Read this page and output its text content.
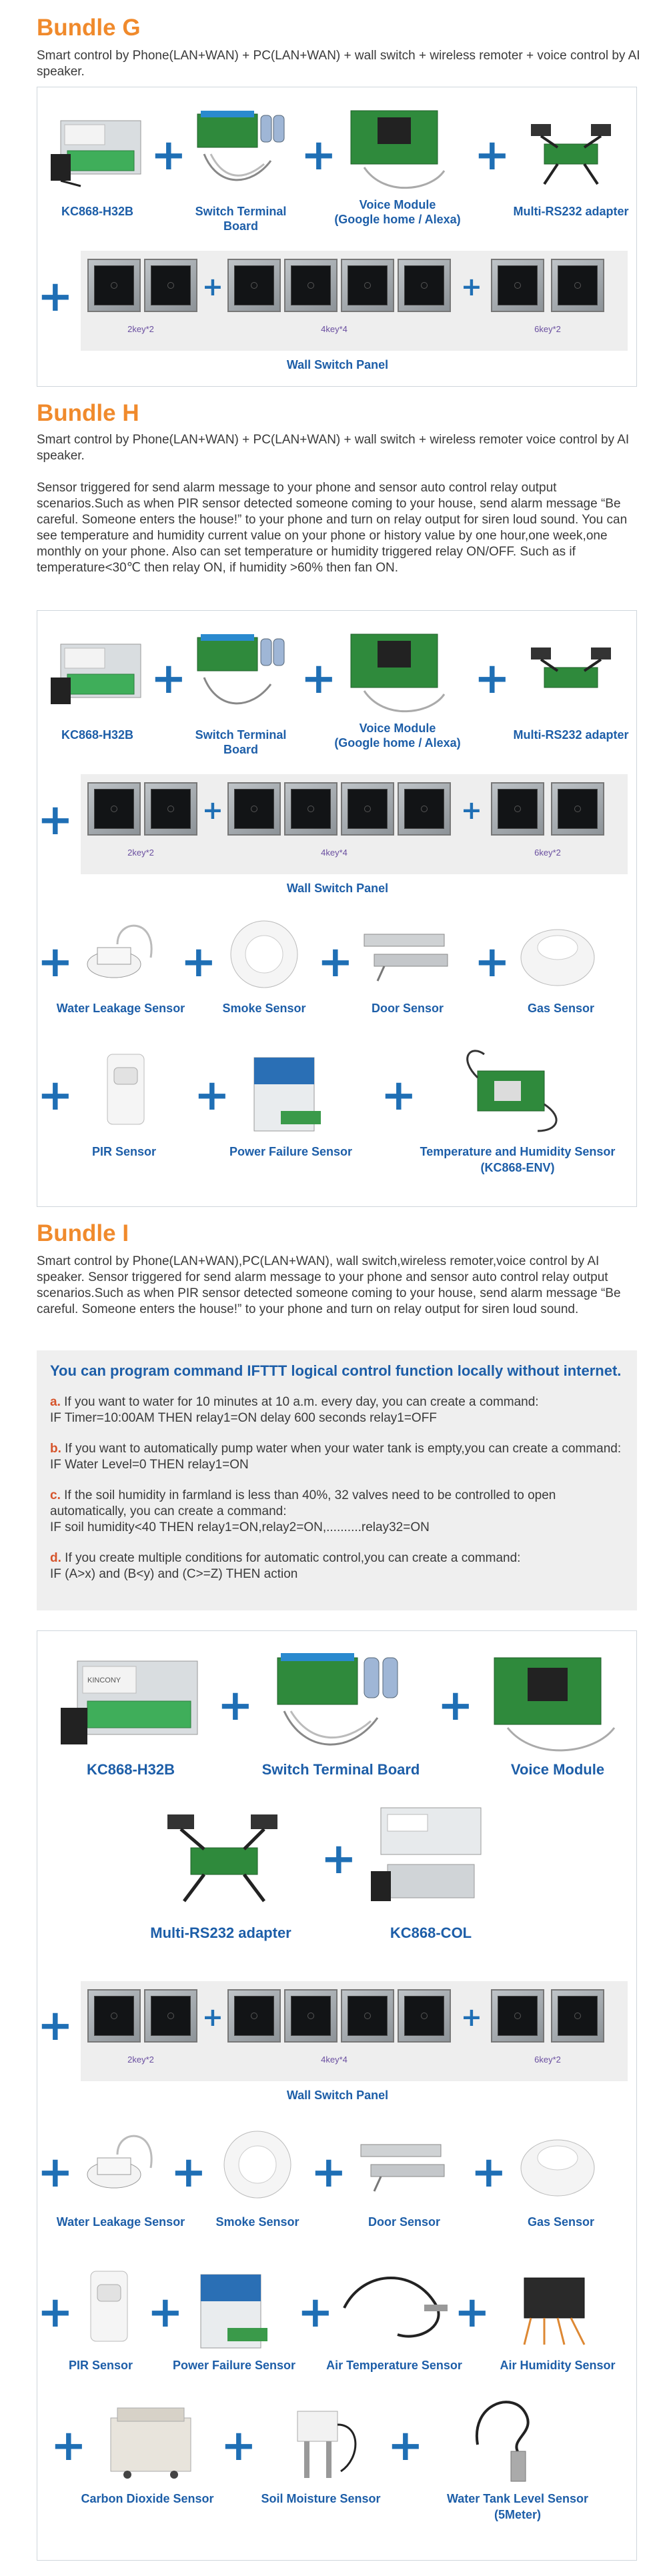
Bundle G
Smart control by Phone(LAN+WAN) + PC(LAN+WAN) + wall switch + wireless remoter + voice control by AI speaker.
KC868-H32B
+
Switch Terminal Board
+
Voice Module
(Google home / Alexa)
+
Multi-RS232 adapter
+
2key*2
+
4key*4
+
6key*2
Wall Switch Panel
Bundle H
Smart control by Phone(LAN+WAN) + PC(LAN+WAN) + wall switch + wireless remoter voice control by AI speaker.
Sensor triggered for send alarm message to your phone and sensor auto control relay output scenarios.Such as when PIR sensor detected someone coming to your house, send alarm message “Be careful. Someone enters the house!” to your phone and turn on relay output for siren loud sound. You can see temperature and humidity current value on your phone or history value by one hour,one week,one monthly on your phone. Also can set temperature or humidity triggered relay ON/OFF. Such as if temperature<30℃ then relay ON, if humidity >60% then fan ON.
KC868-H32B
+
Switch Terminal Board
+
Voice Module
(Google home / Alexa)
+
Multi-RS232 adapter
+
2key*2
+
4key*4
+
6key*2
Wall Switch Panel
+
Water Leakage Sensor
+
Smoke Sensor
+
Door Sensor
+
Gas Sensor
+
PIR Sensor
+
Power Failure Sensor
+
Temperature and Humidity Sensor
(KC868-ENV)
Bundle I
Smart control by Phone(LAN+WAN),PC(LAN+WAN), wall switch,wireless remoter,voice control by AI speaker. Sensor triggered for send alarm message to your phone and sensor auto control relay output scenarios.Such as when PIR sensor detected someone coming to your house, send alarm message “Be careful. Someone enters the house!” to your phone and turn on relay output for siren loud sound.
You can program command IFTTT logical control function locally without internet.

a. If you want to water for 10 minutes at 10 a.m. every day, you can create a command:
IF Timer=10:00AM THEN relay1=ON delay 600 seconds relay1=OFF

b. If you want to automatically pump water when your water tank is empty,you can create a command: IF Water Level=0 THEN relay1=ON

c. If the soil humidity in farmland is less than 40%, 32 valves need to be controlled to open automatically, you can create a command:
IF soil humidity<40 THEN relay1=ON,relay2=ON,..........relay32=ON

d. If you create multiple conditions for automatic control,you can create a command:
IF (A>x) and (B<y) and (C>=Z) THEN action

KINCONY
KC868-H32B
+
Switch Terminal Board
+
Voice Module
Multi-RS232 adapter
+
KC868-COL
+
2key*2
+
4key*4
+
6key*2
Wall Switch Panel
+
Water Leakage Sensor
+
Smoke Sensor
+
Door Sensor
+
Gas Sensor
+
PIR Sensor
+
Power Failure Sensor
+
Air Temperature Sensor
+
Air Humidity Sensor
+
Carbon Dioxide Sensor
+
Soil Moisture Sensor
+
Water Tank Level Sensor
(5Meter)
